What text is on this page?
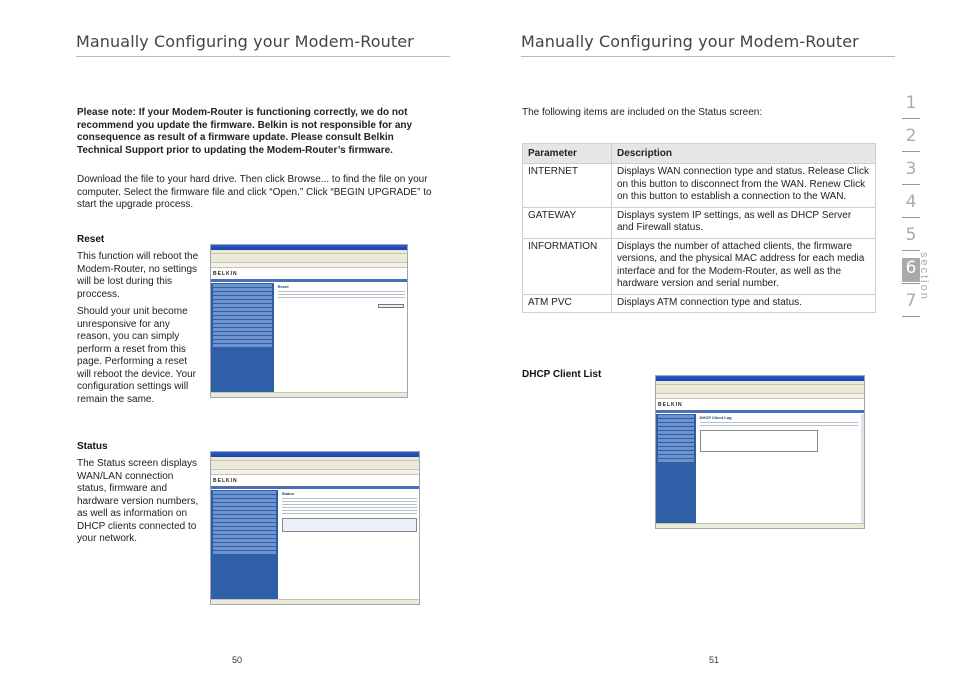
Manually Configuring your Modem-Router
Please note: If your Modem-Router is functioning correctly, we do not recommend you update the firmware. Belkin is not responsible for any consequence as result of a firmware update. Please consult Belkin Technical Support prior to updating the Modem-Router’s firmware.
Download the file to your hard drive. Then click Browse... to find the file on your computer. Select the firmware file and click “Open.” Click “BEGIN UPGRADE” to start the upgrade process.
Reset
This function will reboot the Modem-Router, no settings will be lost during this proccess.
Should your unit become unresponsive for any reason, you can simply perform a reset from this page. Performing a reset will reboot the device. Your configuration settings will remain the same.
Status
The Status screen displays WAN/LAN connection status, firmware and hardware version numbers, as well as information on DHCP clients connected to your network.
BELKIN
Reset
BELKIN
Status
50
Manually Configuring your Modem-Router
The following items are included on the Status screen:
Parameter	Description
INTERNET	Displays WAN connection type and status. Release Click on this button to disconnect from the WAN. Renew Click on this button to establish a connection to the WAN.
GATEWAY	Displays system IP settings, as well as DHCP Server and Firewall status.
INFORMATION	Displays the number of attached clients, the firmware versions, and the physical MAC address for each media interface and for the Modem-Router, as well as the hardware version and serial number.
ATM PVC	Displays ATM connection type and status.
DHCP Client List
BELKIN
DHCP Client Log
51
1
2
3
4
5
6
7
section
